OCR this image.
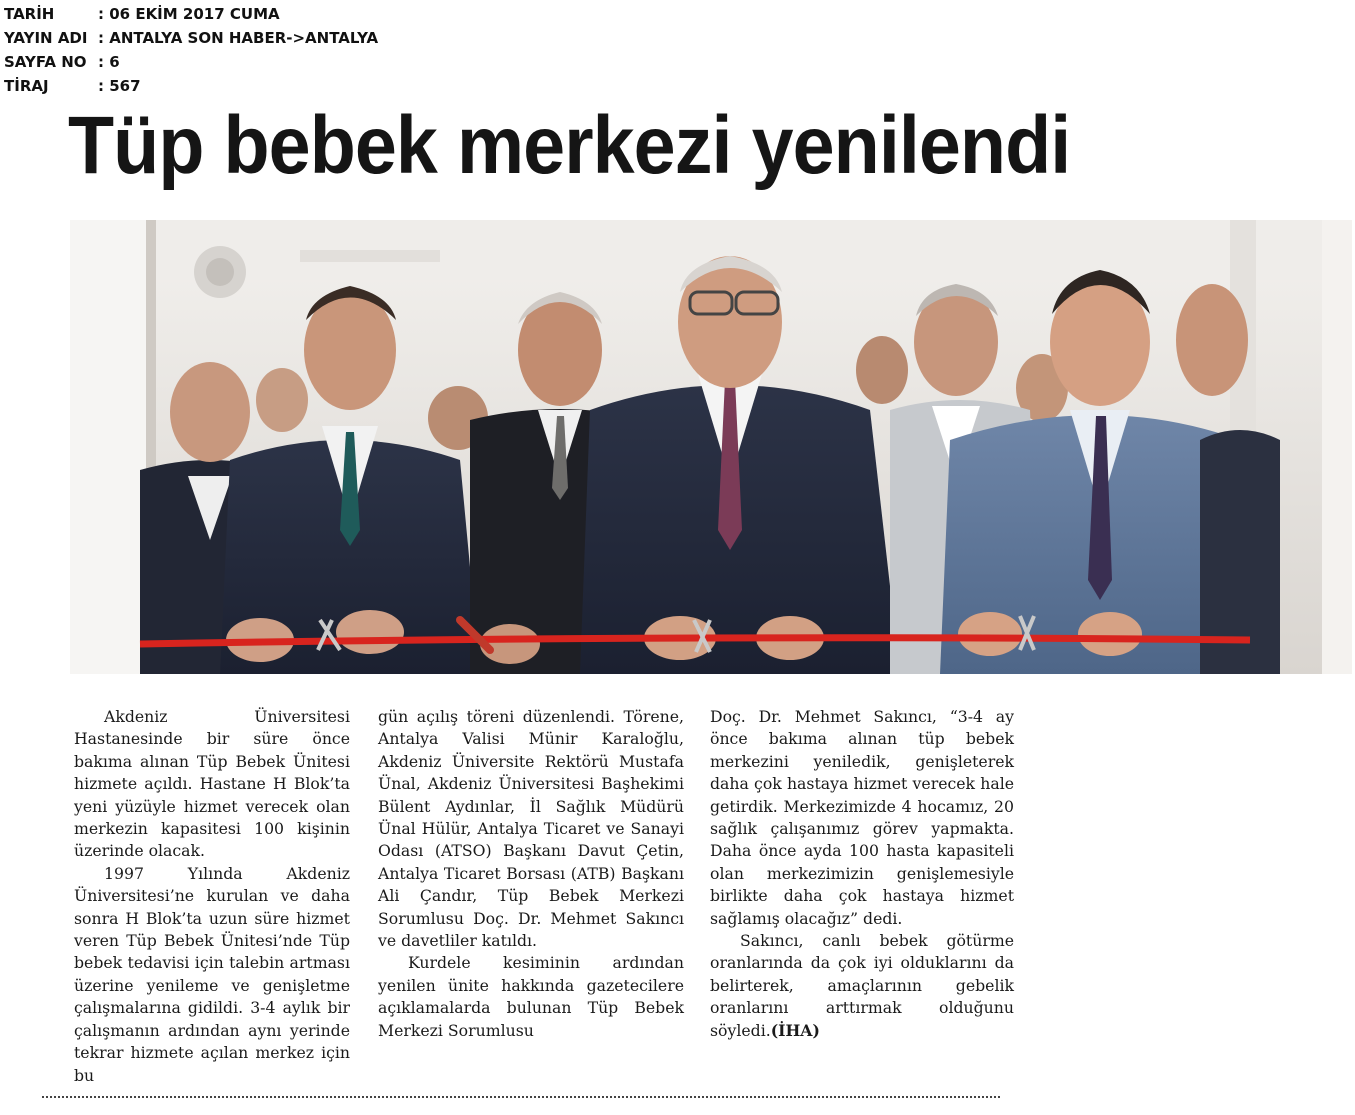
TARİH	: 06 EKİM 2017 CUMA
YAYIN ADI : ANTALYA SON HABER->ANTALYA
SAYFA NO : 6
TİRAJ	: 567
Tüp bebek merkezi yenilendi

Akdeniz Üniversitesi Hastanesinde bir süre önce bakıma alınan Tüp Bebek Ünitesi hizmete açıldı. Hastane H Blok’ta yeni yüzüyle hizmet verecek olan merkezin kapasitesi 100 kişinin üzerinde olacak.

1997 Yılında Akdeniz Üniversitesi’ne kurulan ve daha sonra H Blok’ta uzun süre hizmet veren Tüp Bebek Ünitesi’nde Tüp bebek tedavisi için talebin artması üzerine yenileme ve genişletme çalışmalarına gidildi. 3-4 aylık bir çalışmanın ardından aynı yerinde tekrar hizmete açılan merkez için bu

gün açılış töreni düzenlendi. Törene, Antalya Valisi Münir Karaloğlu, Akdeniz Üniversite Rektörü Mustafa Ünal, Akdeniz Üniversitesi Başhekimi Bülent Aydınlar, İl Sağlık Müdürü Ünal Hülür, Antalya Ticaret ve Sanayi Odası (ATSO) Başkanı Davut Çetin, Antalya Ticaret Borsası (ATB) Başkanı Ali Çandır, Tüp Bebek Merkezi Sorumlusu Doç. Dr. Mehmet Sakıncı ve davetliler katıldı.

Kurdele kesiminin ardından yenilen ünite hakkında gazetecilere açıklamalarda bulunan Tüp Bebek Merkezi Sorumlusu

Doç. Dr. Mehmet Sakıncı, “3-4 ay önce bakıma alınan tüp bebek merkezini yeniledik, genişleterek daha çok hastaya hizmet verecek hale getirdik. Merkezimizde 4 hocamız, 20 sağlık çalışanımız görev yapmakta. Daha önce ayda 100 hasta kapasiteli olan merkezimizin genişlemesiyle birlikte daha çok hastaya hizmet sağlamış olacağız” dedi.

Sakıncı, canlı bebek götürme oranlarında da çok iyi olduklarını da belirterek, amaçlarının gebelik oranlarını arttırmak olduğunu söyledi.(İHA)
